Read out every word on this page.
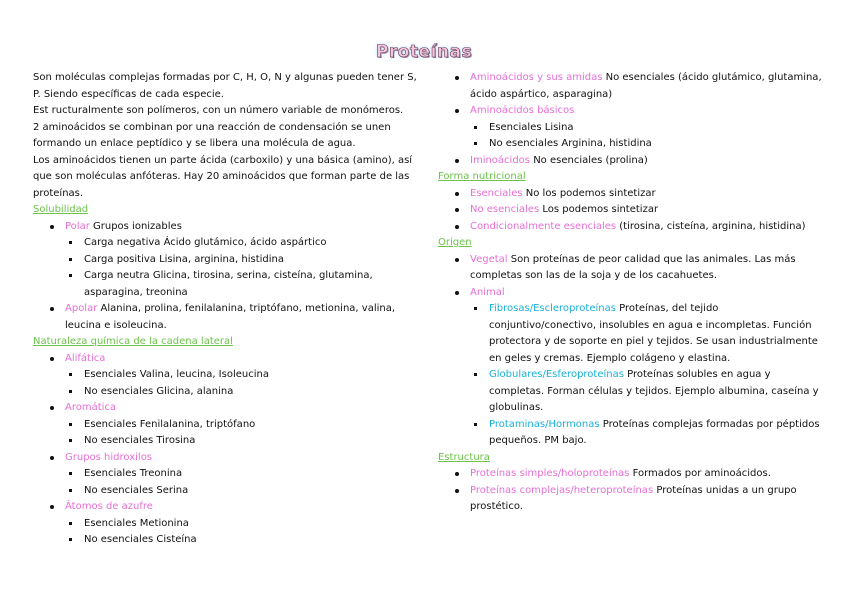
Proteínas

Son moléculas complejas formadas por C, H, O, N y algunas pueden tener S, P. Siendo específicas de cada especie.

Est ructuralmente son polímeros, con un número variable de monómeros.

2 aminoácidos se combinan por una reacción de condensación se unen formando un enlace peptídico y se libera una molécula de agua.

Los aminoácidos tienen un parte ácida (carboxilo) y una básica (amino), así que son moléculas anfóteras. Hay 20 aminoácidos que forman parte de las proteínas.

Solubilidad
Polar Grupos ionizables
Carga negativa Ácido glutámico, ácido aspártico
Carga positiva Lisina, arginina, histidina
Carga neutra Glicina, tirosina, serina, cisteína, glutamina, asparagina, treonina
Apolar Alanina, prolina, fenilalanina, triptófano, metionina, valina, leucina e isoleucina.
Naturaleza química de la cadena lateral
Alifática
Esenciales Valina, leucina, Isoleucina
No esenciales Glicina, alanina
Aromática
Esenciales Fenilalanina, triptófano
No esenciales Tirosina
Grupos hidroxilos
Esenciales Treonina
No esenciales Serina
Átomos de azufre
Esenciales Metionina
No esenciales Cisteína
Aminoácidos y sus amidas No esenciales (ácido glutámico, glutamina, ácido aspártico, asparagina)
Aminoácidos básicos
Esenciales Lisina
No esenciales Arginina, histidina
Iminoácidos No esenciales (prolina)
Forma nutricional
Esenciales No los podemos sintetizar
No esenciales Los podemos sintetizar
Condicionalmente esenciales (tirosina, cisteína, arginina, histidina)
Origen
Vegetal Son proteínas de peor calidad que las animales. Las más completas son las de la soja y de los cacahuetes.
Animal
Fibrosas/Escleroproteínas Proteínas, del tejido conjuntivo/conectivo, insolubles en agua e incompletas. Función protectora y de soporte en piel y tejidos. Se usan industrialmente en geles y cremas. Ejemplo colágeno y elastina.
Globulares/Esferoproteínas Proteínas solubles en agua y completas. Forman células y tejidos. Ejemplo albumina, caseína y globulinas.
Protaminas/Hormonas Proteínas complejas formadas por péptidos pequeños. PM bajo.
Estructura
Proteínas simples/holoproteínas Formados por aminoácidos.
Proteínas complejas/heteroproteínas Proteínas unidas a un grupo prostético.
